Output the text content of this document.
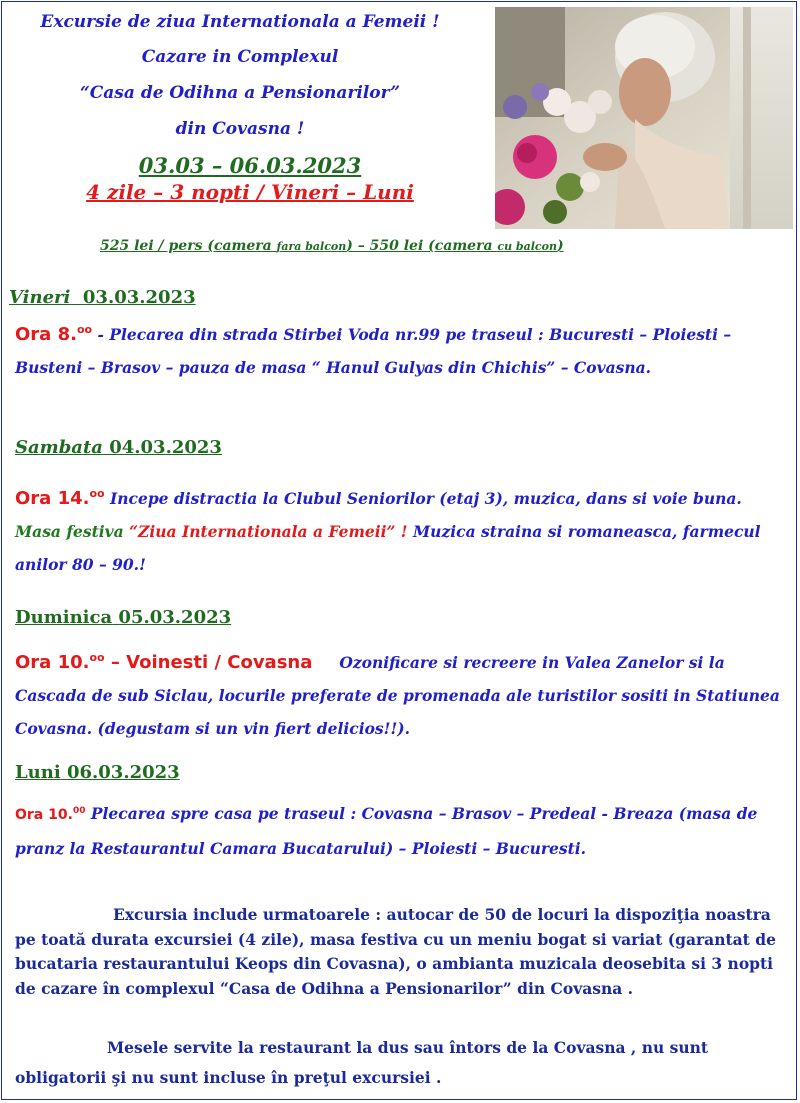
Excursie de ziua Internationala a Femeii !
Cazare in Complexul
“Casa de Odihna a Pensionarilor”
din Covasna !
03.03 – 06.03.2023
4 zile – 3 nopti / Vineri – Luni
525 lei / pers (camera fara balcon) – 550 lei (camera cu balcon)
Vineri 03.03.2023
Ora 8.$^{oo}$ - Plecarea din strada Stirbei Voda nr.99 pe traseul : Bucuresti – Ploiesti – Busteni – Brasov – pauza de masa “ Hanul Gulyas din Chichis” – Covasna.
Sambata 04.03.2023
Ora 14.$^{oo}$ Incepe distractia la Clubul Seniorilor (etaj 3), muzica, dans si voie buna. Masa festiva “Ziua Internationala a Femeii” ! Muzica straina si romaneasca, farmecul anilor 80 – 90.!
Duminica 05.03.2023
Ora 10.$^{oo}$ – Voinesti / Covasna Ozonificare si recreere in Valea Zanelor si la Cascada de sub Siclau, locurile preferate de promenada ale turistilor sositi in Statiunea Covasna. (degustam si un vin fiert delicios!!).
Luni 06.03.2023
Ora 10.00 Plecarea spre casa pe traseul : Covasna – Brasov – Predeal - Breaza (masa de pranz la Restaurantul Camara Bucatarului) – Ploiesti – Bucuresti.
Excursia include urmatoarele : autocar de 50 de locuri la dispoziţia noastra pe toată durata excursiei (4 zile), masa festiva cu un meniu bogat si variat (garantat de bucataria restaurantului Keops din Covasna), o ambianta muzicala deosebita si 3 nopti de cazare în complexul “Casa de Odihna a Pensionarilor” din Covasna .
Mesele servite la restaurant la dus sau întors de la Covasna , nu sunt obligatorii şi nu sunt incluse în preţul excursiei .
